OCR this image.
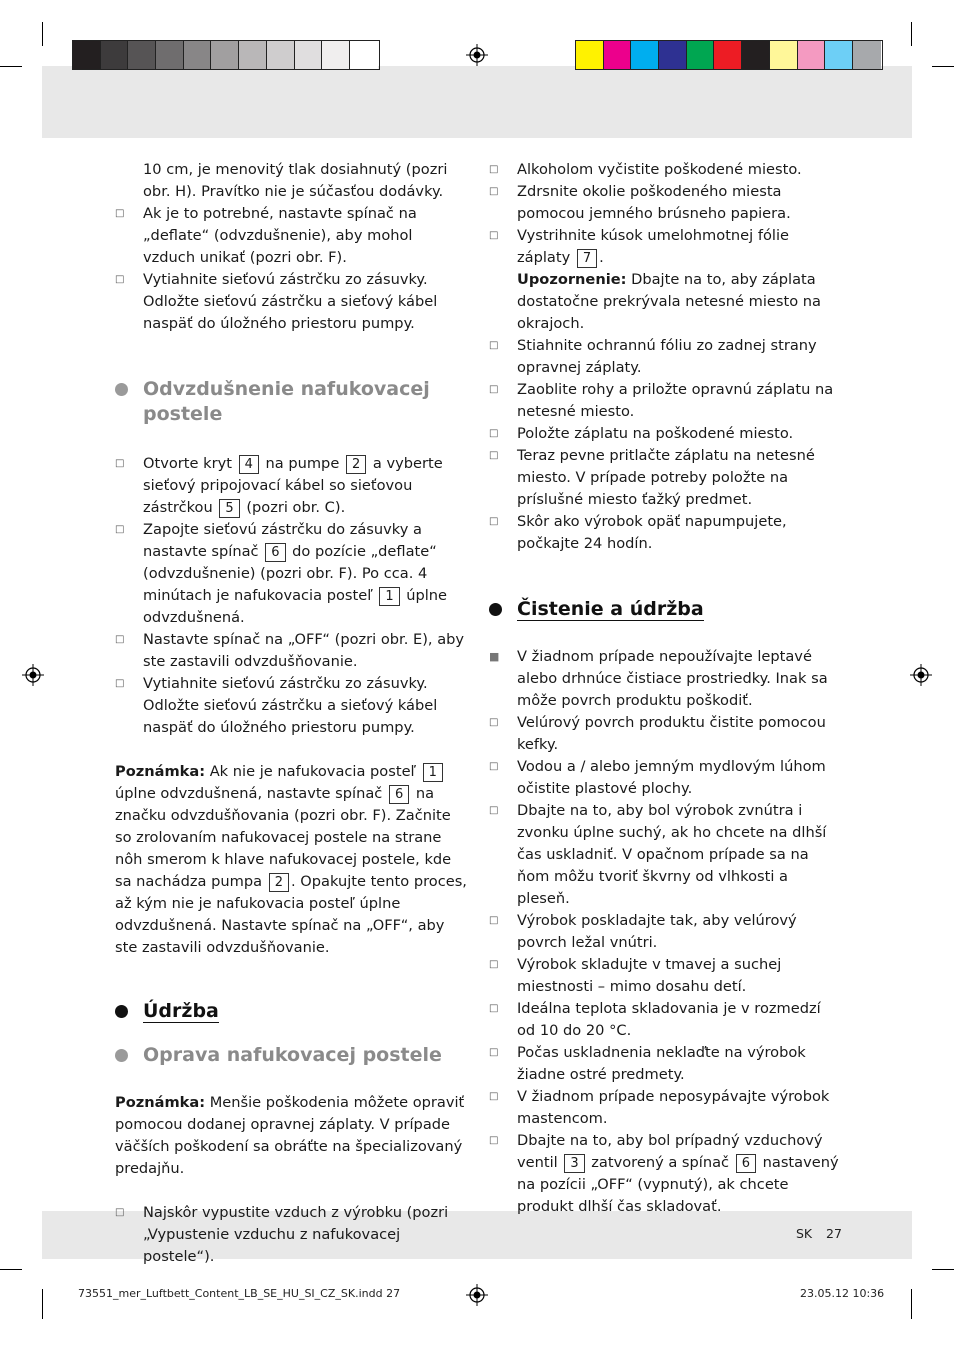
10 cm, je menovitý tlak dosiahnutý (pozri obr. H). Pravítko nie je súčasťou dodávky.
□	Ak je to potrebné, nastavte spínač na „deflate“ (odvzdušnenie), aby mohol vzduch unikať (pozri obr. F).
□	Vytiahnite sieťovú zástrčku zo zásuvky. Odložte sieťovú zástrčku a sieťový kábel naspäť do úložného priestoru pumpy.
Odvzdušnenie nafukovacej postele
□	Otvorte kryt 4 na pumpe 2 a vyberte sieťový pripojovací kábel so sieťovou zástrčkou 5 (pozri obr. C).
□	Zapojte sieťovú zástrčku do zásuvky a nastavte spínač 6 do pozície „deflate“ (odvzdušnenie) (pozri obr. F). Po cca. 4 minútach je nafukovacia posteľ 1 úplne odvzdušnená.
□	Nastavte spínač na „OFF“ (pozri obr. E), aby ste zastavili odvzdušňovanie.
□	Vytiahnite sieťovú zástrčku zo zásuvky. Odložte sieťovú zástrčku a sieťový kábel naspäť do úložného priestoru pumpy.
Poznámka: Ak nie je nafukovacia posteľ 1 úplne odvzdušnená, nastavte spínač 6 na značku odvzdušňovania (pozri obr. F). Začnite so zrolovaním nafukovacej postele na strane nôh smerom k hlave nafukovacej postele, kde sa nachádza pumpa 2 . Opakujte tento proces, až kým nie je nafukovacia posteľ úplne odvzdušnená. Nastavte spínač na „OFF“, aby ste zastavili odvzdušňovanie.
Údržba
Oprava nafukovacej postele
Poznámka: Menšie poškodenia môžete opraviť pomocou dodanej opravnej záplaty. V prípade väčších poškodení sa obráťte na špecializovaný predajňu.
□	Najskôr vypustite vzduch z výrobku (pozri „Vypustenie vzduchu z nafukovacej postele“).
□	Alkoholom vyčistite poškodené miesto.
□	Zdrsnite okolie poškodeného miesta pomocou jemného brúsneho papiera.
□	Vystrihnite kúsok umelohmotnej fólie záplaty 7 .
Upozornenie: Dbajte na to, aby záplata dostatočne prekrývala netesné miesto na okrajoch.
□	Stiahnite ochrannú fóliu zo zadnej strany opravnej záplaty.
□	Zaoblite rohy a priložte opravnú záplatu na netesné miesto.
□	Položte záplatu na poškodené miesto.
□	Teraz pevne pritlačte záplatu na netesné miesto. V prípade potreby položte na príslušné miesto ťažký predmet.
□	Skôr ako výrobok opäť napumpujete, počkajte 24 hodín.
Čistenie a údržba
■	V žiadnom prípade nepoužívajte leptavé alebo drhnúce čistiace prostriedky. Inak sa môže povrch produktu poškodiť.
□	Velúrový povrch produktu čistite pomocou kefky.
□	Vodou a / alebo jemným mydlovým lúhom očistite plastové plochy.
□	Dbajte na to, aby bol výrobok zvnútra i zvonku úplne suchý, ak ho chcete na dlhší čas uskladniť. V opačnom prípade sa na ňom môžu tvoriť škvrny od vlhkosti a pleseň.
□	Výrobok poskladajte tak, aby velúrový povrch ležal vnútri.
□	Výrobok skladujte v tmavej a suchej miestnosti – mimo dosahu detí.
□	Ideálna teplota skladovania je v rozmedzí od 10 do 20 °C.
□	Počas uskladnenia neklaďte na výrobok žiadne ostré predmety.
□	V žiadnom prípade neposypávajte výrobok mastencom.
□	Dbajte na to, aby bol prípadný vzduchový ventil 3 zatvorený a spínač 6 nastavený na pozícii „OFF“ (vypnutý), ak chcete produkt dlhší čas skladovať.
SK 27
73551_mer_Luftbett_Content_LB_SE_HU_SI_CZ_SK.indd 27	23.05.12 10:36
